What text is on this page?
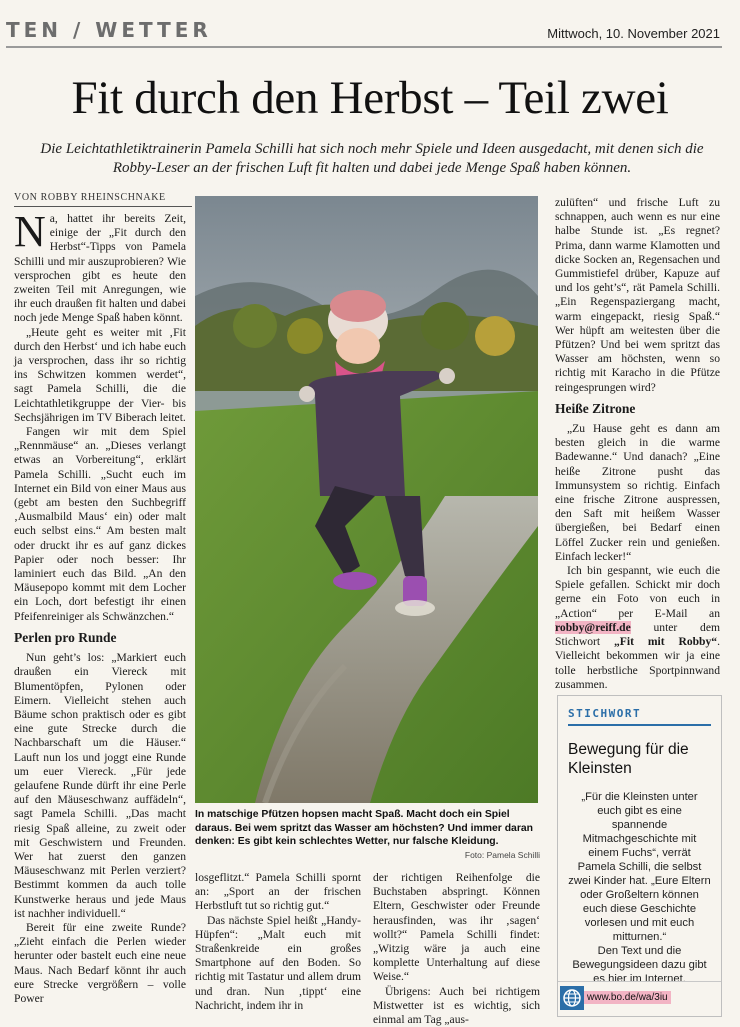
TEN / WETTER	Mittwoch, 10. November 2021
Fit durch den Herbst – Teil zwei
Die Leichtathletiktrainerin Pamela Schilli hat sich noch mehr Spiele und Ideen ausgedacht, mit denen sich die Robby-Leser an der frischen Luft fit halten und dabei jede Menge Spaß haben können.
VON ROBBY RHEINSCHNAKE

Na, hattet ihr bereits Zeit, einige der „Fit durch den Herbst“-Tipps von Pamela Schilli und mir auszuprobieren? Wie versprochen gibt es heute den zweiten Teil mit Anregungen, wie ihr euch draußen fit halten und dabei noch jede Menge Spaß haben könnt.

„Heute geht es weiter mit ‚Fit durch den Herbst‘ und ich habe euch ja versprochen, dass ihr so richtig ins Schwitzen kommen werdet“, sagt Pamela Schilli, die die Leichtathletikgruppe der Vier- bis Sechsjährigen im TV Biberach leitet.

Fangen wir mit dem Spiel „Rennmäuse“ an. „Dieses verlangt etwas an Vorbereitung“, erklärt Pamela Schilli. „Sucht euch im Internet ein Bild von einer Maus aus (gebt am besten den Suchbegriff ‚Ausmalbild Maus‘ ein) oder malt euch selbst eins.“ Am besten malt oder druckt ihr es auf ganz dickes Papier oder noch besser: Ihr laminiert euch das Bild. „An den Mäusepopo kommt mit dem Locher ein Loch, dort befestigt ihr einen Pfeifenreiniger als Schwänzchen.“

Perlen pro Runde

Nun geht’s los: „Markiert euch draußen ein Viereck mit Blumentöpfen, Pylonen oder Eimern. Vielleicht stehen auch Bäume schon praktisch oder es gibt eine gute Strecke durch die Nachbarschaft um die Häuser.“ Lauft nun los und joggt eine Runde um euer Viereck. „Für jede gelaufene Runde dürft ihr eine Perle auf den Mäuseschwanz auffädeln“, sagt Pamela Schilli. „Das macht riesig Spaß alleine, zu zweit oder mit Geschwistern und Freunden. Wer hat zuerst den ganzen Mäuseschwanz mit Perlen verziert? Bestimmt kommen da auch tolle Kunstwerke heraus und jede Maus ist nachher individuell.“

Bereit für eine zweite Runde? „Zieht einfach die Perlen wieder herunter oder bastelt euch eine neue Maus. Nach Bedarf könnt ihr auch eure Strecke vergrößern – volle Power

In matschige Pfützen hopsen macht Spaß. Macht doch ein Spiel daraus. Bei wem spritzt das Wasser am höchsten? Und immer daran denken: Es gibt kein schlechtes Wetter, nur falsche Kleidung.
Foto: Pamela Schilli

losgeflitzt.“ Pamela Schilli spornt an: „Sport an der frischen Herbstluft tut so richtig gut.“

Das nächste Spiel heißt „Handy-Hüpfen“: „Malt euch mit Straßenkreide ein großes Smartphone auf den Boden. So richtig mit Tastatur und allem drum und dran. Nun ‚tippt‘ eine Nachricht, indem ihr in

der richtigen Reihenfolge die Buchstaben abspringt. Können Eltern, Geschwister oder Freunde herausfinden, was ihr ‚sagen‘ wollt?“ Pamela Schilli findet: „Witzig wäre ja auch eine komplette Unterhaltung auf diese Weise.“

Übrigens: Auch bei richtigem Mistwetter ist es wichtig, sich einmal am Tag „aus-

zulüften“ und frische Luft zu schnappen, auch wenn es nur eine halbe Stunde ist. „Es regnet? Prima, dann warme Klamotten und dicke Socken an, Regensachen und Gummistiefel drüber, Kapuze auf und los geht’s“, rät Pamela Schilli. „Ein Regenspaziergang macht, warm eingepackt, riesig Spaß.“ Wer hüpft am weitesten über die Pfützen? Und bei wem spritzt das Wasser am höchsten, wenn so richtig mit Karacho in die Pfütze reingesprungen wird?

Heiße Zitrone

„Zu Hause geht es dann am besten gleich in die warme Badewanne.“ Und danach? „Eine heiße Zitrone pusht das Immunsystem so richtig. Einfach eine frische Zitrone auspressen, den Saft mit heißem Wasser übergießen, bei Bedarf einen Löffel Zucker rein und genießen. Einfach lecker!“

Ich bin gespannt, wie euch die Spiele gefallen. Schickt mir doch gerne ein Foto von euch in „Action“ per E-Mail an robby@reiff.de unter dem Stichwort „Fit mit Robby“. Vielleicht bekommen wir ja eine tolle herbstliche Sportpinnwand zusammen.

STICHWORT
Bewegung für die Kleinsten

„Für die Kleinsten unter euch gibt es eine spannende Mitmachgeschichte mit einem Fuchs“, verrät Pamela Schilli, die selbst zwei Kinder hat. „Eure Eltern oder Großeltern können euch diese Geschichte vorlesen und mit euch mitturnen.“

Den Text und die Bewegungsideen dazu gibt es hier im Internet.

www.bo.de/wa/3iu
